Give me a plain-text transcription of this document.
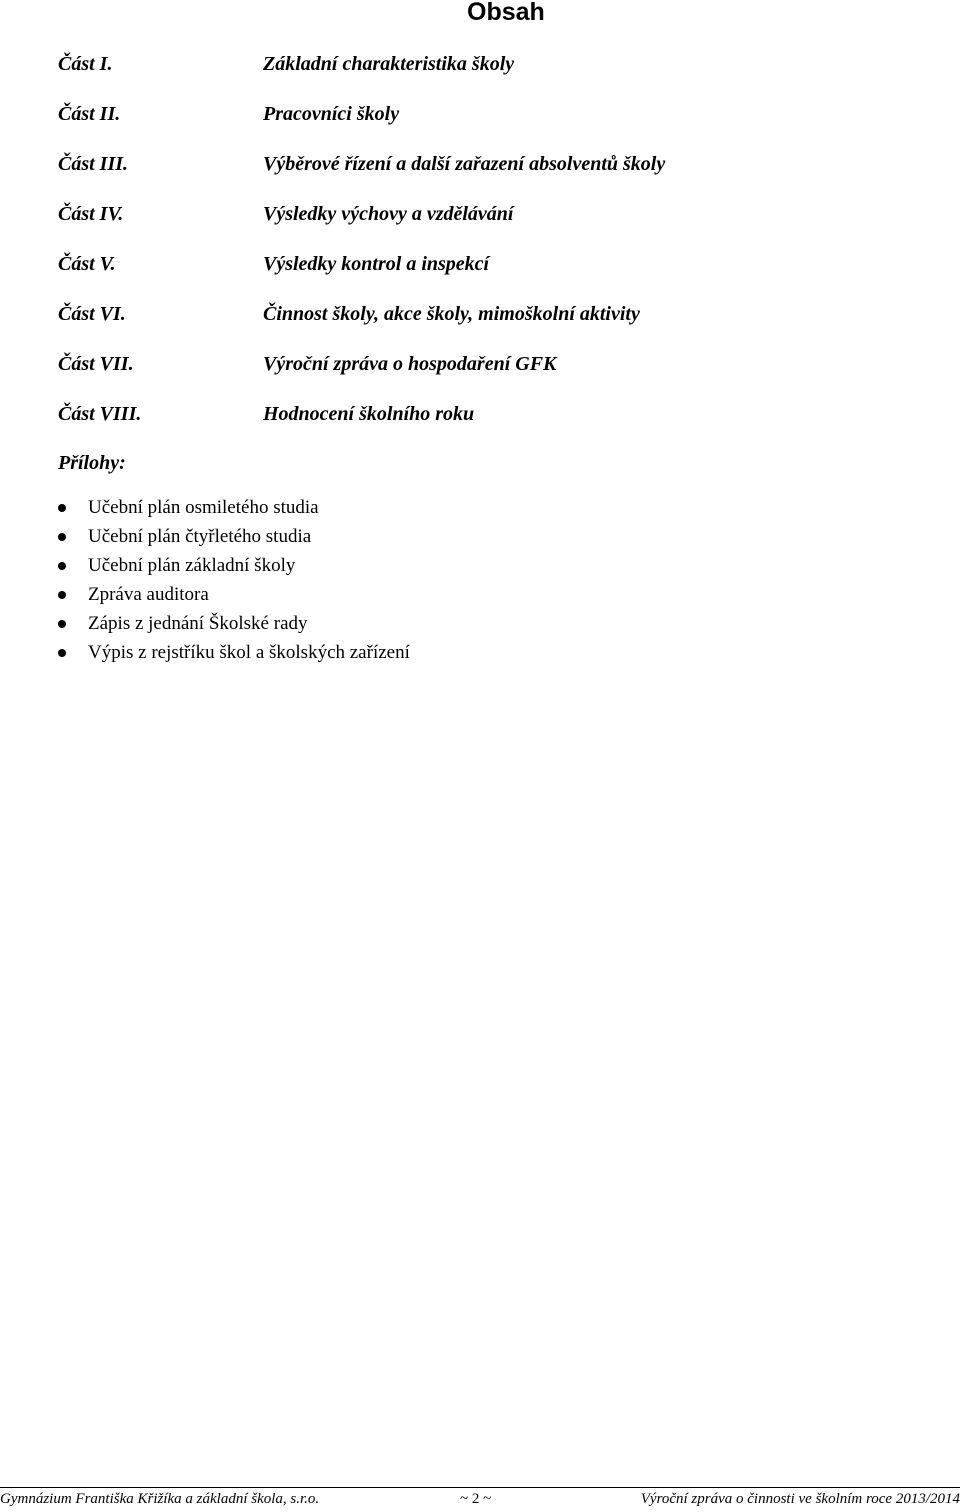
Obsah
Část I.	Základní charakteristika školy
Část II.	Pracovníci školy
Část III.	Výběrové řízení a další zařazení absolventů školy
Část IV.	Výsledky výchovy a vzdělávání
Část V.	Výsledky kontrol a inspekcí
Část VI.	Činnost školy, akce školy, mimoškolní aktivity
Část VII.	Výroční zpráva o hospodaření GFK
Část VIII.	Hodnocení školního roku
Přílohy:
Učební plán osmiletého studia
Učební plán čtyřletého studia
Učební plán základní školy
Zpráva auditora
Zápis z jednání Školské rady
Výpis z rejstříku škol a školských zařízení
Gymnázium Františka Křižíka a základní škola, s.r.o.	~ 2 ~	Výroční zpráva o činnosti ve školním roce 2013/2014
